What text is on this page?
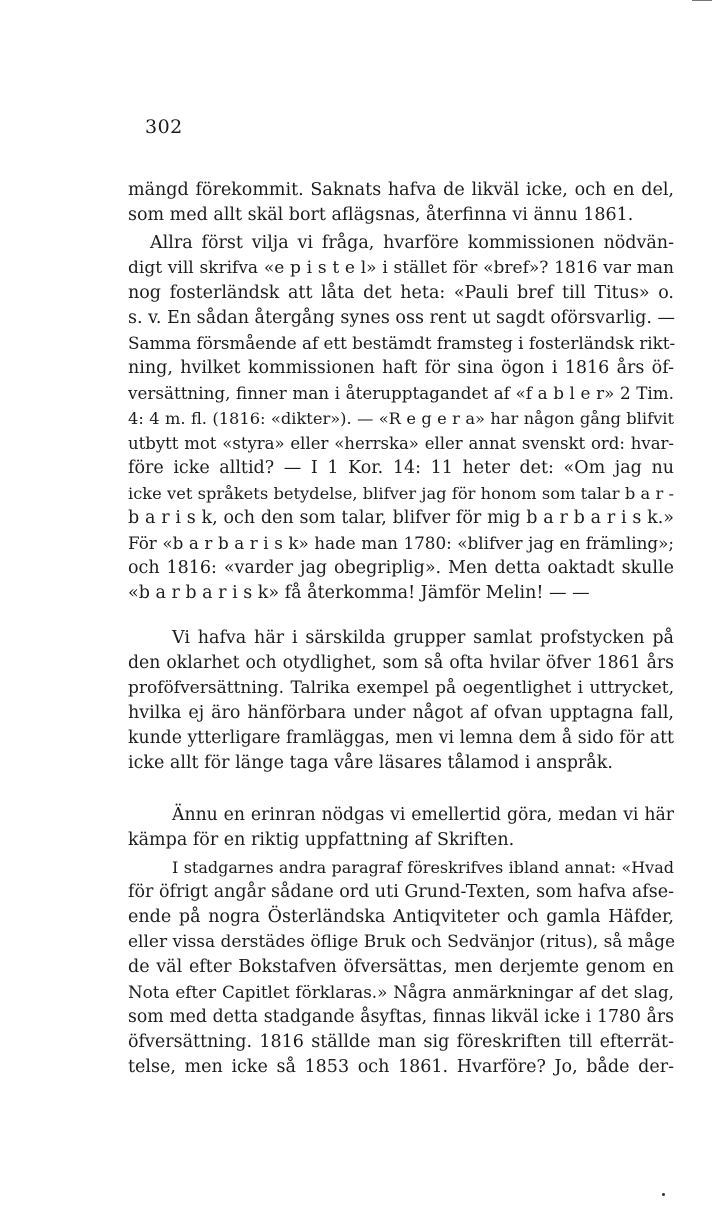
302
mängd förekommit. Saknats hafva de likväl icke, och en del,
som med allt skäl bort aflägsnas, återfinna vi ännu 1861.
Allra först vilja vi fråga, hvarföre kommissionen nödvän-
digt vill skrifva «e p i s t e l» i stället för «bref»? 1816 var man
nog fosterländsk att låta det heta: «Pauli bref till Titus» o.
s. v. En sådan återgång synes oss rent ut sagdt oförsvarlig. —
Samma försmående af ett bestämdt framsteg i fosterländsk rikt-
ning, hvilket kommissionen haft för sina ögon i 1816 års öf-
versättning, finner man i återupptagandet af «f a b l e r» 2 Tim.
4: 4 m. fl. (1816: «dikter»). — «R e g e r a» har någon gång blifvit
utbytt mot «styra» eller «herrska» eller annat svenskt ord: hvar-
före icke alltid? — I 1 Kor. 14: 11 heter det: «Om jag nu
icke vet språkets betydelse, blifver jag för honom som talar b a r -
b a r i s k, och den som talar, blifver för mig b a r b a r i s k.»
För «b a r b a r i s k» hade man 1780: «blifver jag en främling»;
och 1816: «varder jag obegriplig». Men detta oaktadt skulle
«b a r b a r i s k» få återkomma! Jämför Melin! — —
Vi hafva här i särskilda grupper samlat profstycken på
den oklarhet och otydlighet, som så ofta hvilar öfver 1861 års
proföfversättning. Talrika exempel på oegentlighet i uttrycket,
hvilka ej äro hänförbara under något af ofvan upptagna fall,
kunde ytterligare framläggas, men vi lemna dem å sido för att
icke allt för länge taga våre läsares tålamod i anspråk.
Ännu en erinran nödgas vi emellertid göra, medan vi här
kämpa för en riktig uppfattning af Skriften.
I stadgarnes andra paragraf föreskrifves ibland annat: «Hvad
för öfrigt angår sådane ord uti Grund-Texten, som hafva afse-
ende på nogra Österländska Antiqviteter och gamla Häfder,
eller vissa derstädes öflige Bruk och Sedvänjor (ritus), så måge
de väl efter Bokstafven öfversättas, men derjemte genom en
Nota efter Capitlet förklaras.» Några anmärkningar af det slag,
som med detta stadgande åsyftas, finnas likväl icke i 1780 års
öfversättning. 1816 ställde man sig föreskriften till efterrät-
telse, men icke så 1853 och 1861. Hvarföre? Jo, både der-
